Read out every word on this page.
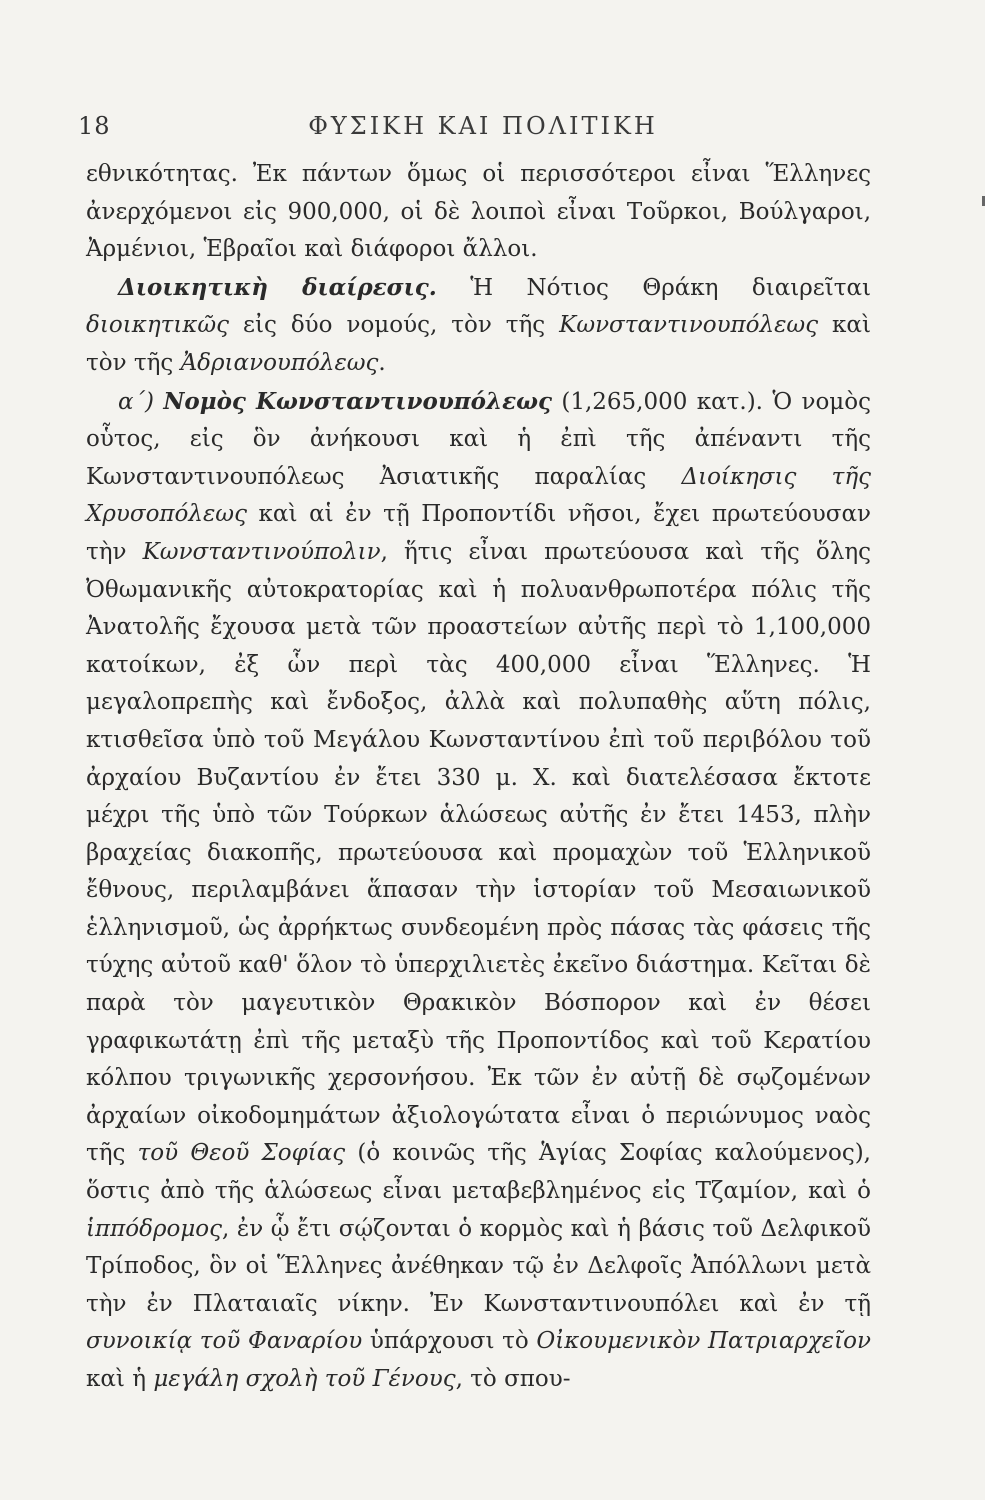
18	ΦΥΣΙΚΗ ΚΑΙ ΠΟΛΙΤΙΚΗ

εθνικότητας. Ἐκ πάντων ὅμως οἱ περισσότεροι εἶναι Ἕλληνες ἀνερχόμενοι εἰς 900,000, οἱ δὲ λοιποὶ εἶναι Τοῦρκοι, Βούλγαροι, Ἀρμένιοι, Ἑβραῖοι καὶ διάφοροι ἄλλοι.

Διοικητικὴ διαίρεσις. Ἡ Νότιος Θράκη διαιρεῖται διοικητικῶς εἰς δύο νομούς, τὸν τῆς Κωνσταντινουπόλεως καὶ τὸν τῆς Ἀδριανουπόλεως.

α΄) Νομὸς Κωνσταντινουπόλεως (1,265,000 κατ.). Ὁ νομὸς οὗτος, εἰς ὃν ἀνήκουσι καὶ ἡ ἐπὶ τῆς ἀπέναντι τῆς Κωνσταντινουπόλεως Ἀσιατικῆς παραλίας Διοίκησις τῆς Χρυσοπόλεως καὶ αἱ ἐν τῇ Προποντίδι νῆσοι, ἔχει πρωτεύουσαν τὴν Κωνσταντινούπολιν, ἥτις εἶναι πρωτεύουσα καὶ τῆς ὅλης Ὀθωμανικῆς αὐτοκρατορίας καὶ ἡ πολυανθρωποτέρα πόλις τῆς Ἀνατολῆς ἔχουσα μετὰ τῶν προαστείων αὐτῆς περὶ τὸ 1,100,000 κατοίκων, ἐξ ὧν περὶ τὰς 400,000 εἶναι Ἕλληνες. Ἡ μεγαλοπρεπὴς καὶ ἔνδοξος, ἀλλὰ καὶ πολυπαθὴς αὕτη πόλις, κτισθεῖσα ὑπὸ τοῦ Μεγάλου Κωνσταντίνου ἐπὶ τοῦ περιβόλου τοῦ ἀρχαίου Βυζαντίου ἐν ἔτει 330 μ. Χ. καὶ διατελέσασα ἔκτοτε μέχρι τῆς ὑπὸ τῶν Τούρκων ἁλώσεως αὐτῆς ἐν ἔτει 1453, πλὴν βραχείας διακοπῆς, πρωτεύουσα καὶ προμαχὼν τοῦ Ἑλληνικοῦ ἔθνους, περιλαμβάνει ἅπασαν τὴν ἱστορίαν τοῦ Μεσαιωνικοῦ ἑλληνισμοῦ, ὡς ἀρρήκτως συνδεομένη πρὸς πάσας τὰς φάσεις τῆς τύχης αὐτοῦ καθ' ὅλον τὸ ὑπερχιλιετὲς ἐκεῖνο διάστημα. Κεῖται δὲ παρὰ τὸν μαγευτικὸν Θρακικὸν Βόσπορον καὶ ἐν θέσει γραφικωτάτῃ ἐπὶ τῆς μεταξὺ τῆς Προποντίδος καὶ τοῦ Κερατίου κόλπου τριγωνικῆς χερσονήσου. Ἐκ τῶν ἐν αὐτῇ δὲ σῳζομένων ἀρχαίων οἰκοδομημάτων ἀξιολογώτατα εἶναι ὁ περιώνυμος ναὸς τῆς τοῦ Θεοῦ Σοφίας (ὁ κοινῶς τῆς Ἁγίας Σοφίας καλούμενος), ὅστις ἀπὸ τῆς ἁλώσεως εἶναι μεταβεβλημένος εἰς Τζαμίον, καὶ ὁ ἱππόδρομος, ἐν ᾧ ἔτι σῴζονται ὁ κορμὸς καὶ ἡ βάσις τοῦ Δελφικοῦ Τρίποδος, ὃν οἱ Ἕλληνες ἀνέθηκαν τῷ ἐν Δελφοῖς Ἀπόλλωνι μετὰ τὴν ἐν Πλαταιαῖς νίκην. Ἐν Κωνσταντινουπόλει καὶ ἐν τῇ συνοικίᾳ τοῦ Φαναρίου ὑπάρχουσι τὸ Οἰκουμενικὸν Πατριαρχεῖον καὶ ἡ μεγάλη σχολὴ τοῦ Γένους, τὸ σπου-
